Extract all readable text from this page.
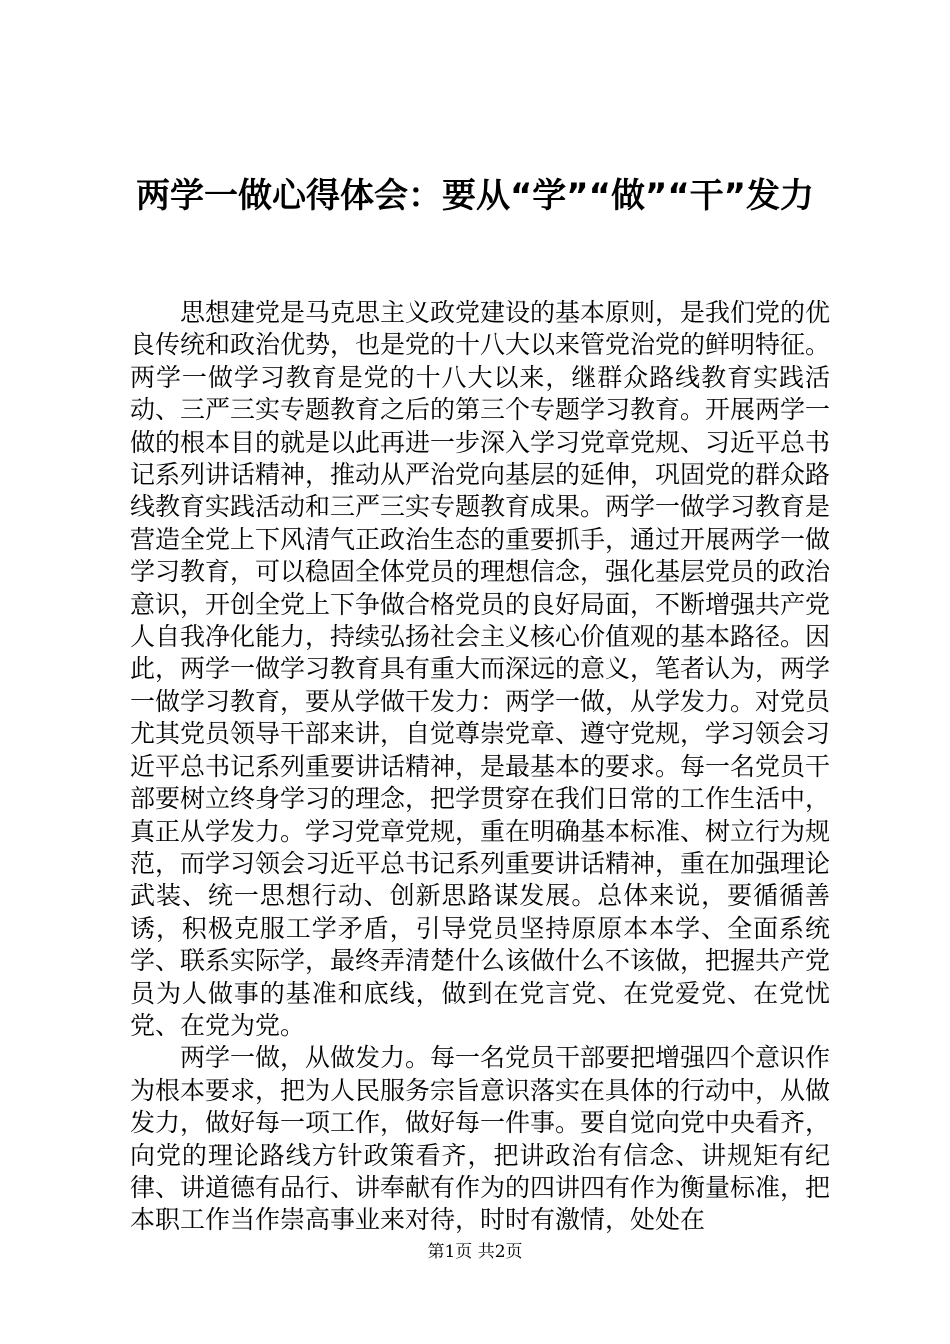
两学一做心得体会：要从“学”“做”“干”发力

思想建党是马克思主义政党建设的基本原则，是我们党的优良传统和政治优势，也是党的十八大以来管党治党的鲜明特征。两学一做学习教育是党的十八大以来，继群众路线教育实践活动、三严三实专题教育之后的第三个专题学习教育。开展两学一做的根本目的就是以此再进一步深入学习党章党规、习近平总书记系列讲话精神，推动从严治党向基层的延伸，巩固党的群众路线教育实践活动和三严三实专题教育成果。两学一做学习教育是营造全党上下风清气正政治生态的重要抓手，通过开展两学一做学习教育，可以稳固全体党员的理想信念，强化基层党员的政治意识，开创全党上下争做合格党员的良好局面，不断增强共产党人自我净化能力，持续弘扬社会主义核心价值观的基本路径。因此，两学一做学习教育具有重大而深远的意义，笔者认为，两学一做学习教育，要从学做干发力：两学一做，从学发力。对党员尤其党员领导干部来讲，自觉尊崇党章、遵守党规，学习领会习近平总书记系列重要讲话精神，是最基本的要求。每一名党员干部要树立终身学习的理念，把学贯穿在我们日常的工作生活中，真正从学发力。学习党章党规，重在明确基本标准、树立行为规范，而学习领会习近平总书记系列重要讲话精神，重在加强理论武装、统一思想行动、创新思路谋发展。总体来说，要循循善诱，积极克服工学矛盾，引导党员坚持原原本本学、全面系统学、联系实际学，最终弄清楚什么该做什么不该做，把握共产党员为人做事的基准和底线，做到在党言党、在党爱党、在党忧党、在党为党。

两学一做，从做发力。每一名党员干部要把增强四个意识作为根本要求，把为人民服务宗旨意识落实在具体的行动中，从做发力，做好每一项工作，做好每一件事。要自觉向党中央看齐，向党的理论路线方针政策看齐，把讲政治有信念、讲规矩有纪律、讲道德有品行、讲奉献有作为的四讲四有作为衡量标准，把本职工作当作崇高事业来对待，时时有激情，处处在

第1页 共2页
